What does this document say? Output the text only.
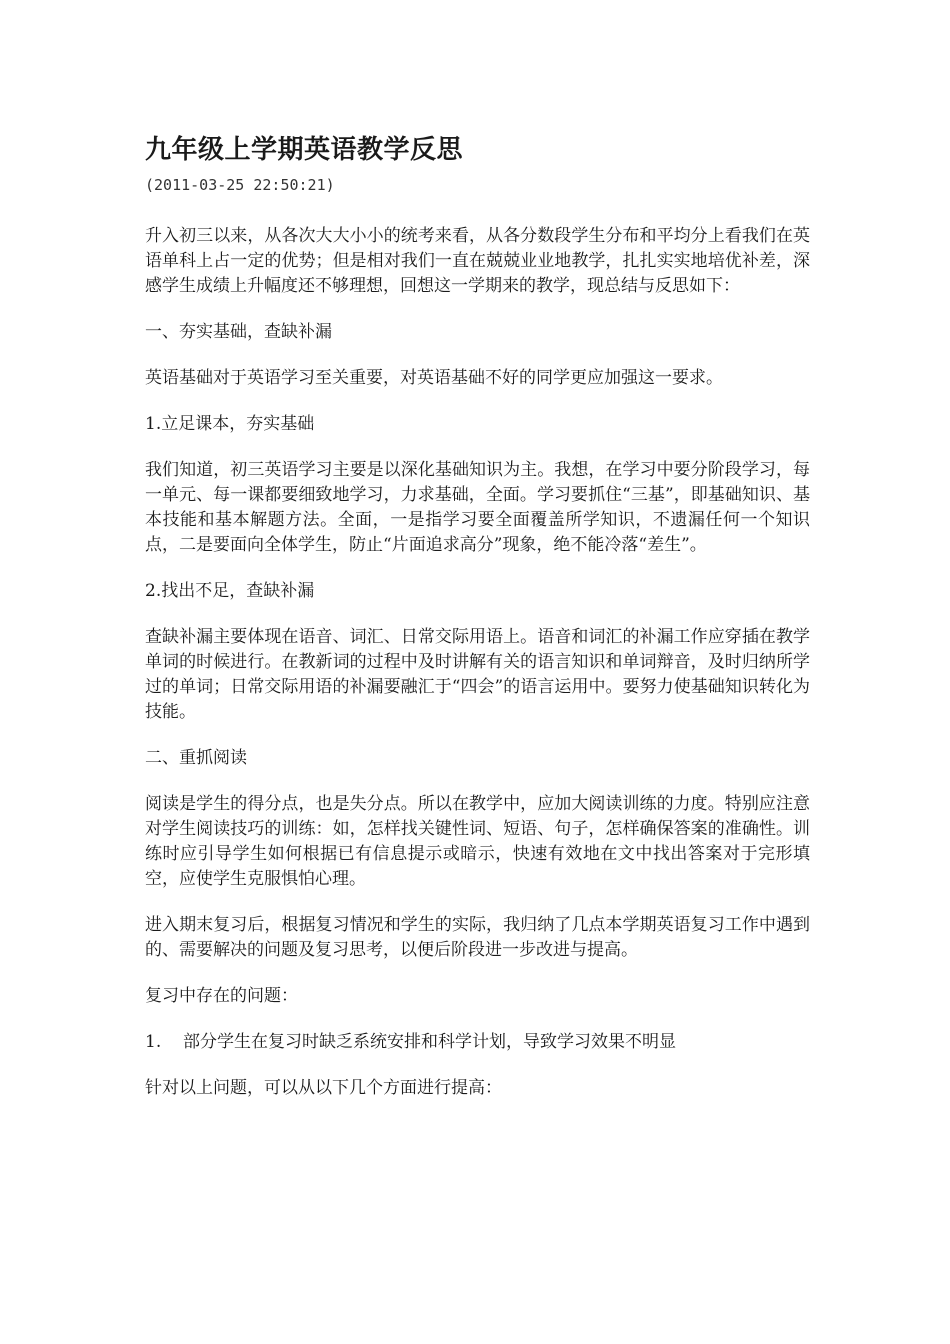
九年级上学期英语教学反思

(2011-03-25 22:50:21)

升入初三以来，从各次大大小小的统考来看，从各分数段学生分布和平均分上看我们在英语单科上占一定的优势；但是相对我们一直在兢兢业业地教学，扎扎实实地培优补差，深感学生成绩上升幅度还不够理想，回想这一学期来的教学，现总结与反思如下：

一、夯实基础，查缺补漏

英语基础对于英语学习至关重要，对英语基础不好的同学更应加强这一要求。

1.立足课本，夯实基础

我们知道，初三英语学习主要是以深化基础知识为主。我想，在学习中要分阶段学习，每一单元、每一课都要细致地学习，力求基础，全面。学习要抓住“三基”，即基础知识、基本技能和基本解题方法。全面，一是指学习要全面覆盖所学知识，不遗漏任何一个知识点，二是要面向全体学生，防止“片面追求高分”现象，绝不能冷落“差生”。

2.找出不足，查缺补漏

查缺补漏主要体现在语音、词汇、日常交际用语上。语音和词汇的补漏工作应穿插在教学单词的时候进行。在教新词的过程中及时讲解有关的语言知识和单词辩音，及时归纳所学过的单词；日常交际用语的补漏要融汇于“四会”的语言运用中。要努力使基础知识转化为技能。

二、重抓阅读

阅读是学生的得分点，也是失分点。所以在教学中，应加大阅读训练的力度。特别应注意对学生阅读技巧的训练：如，怎样找关键性词、短语、句子，怎样确保答案的准确性。训练时应引导学生如何根据已有信息提示或暗示，快速有效地在文中找出答案对于完形填空，应使学生克服惧怕心理。

进入期末复习后，根据复习情况和学生的实际，我归纳了几点本学期英语复习工作中遇到的、需要解决的问题及复习思考，以便后阶段进一步改进与提高。

复习中存在的问题：

1.	部分学生在复习时缺乏系统安排和科学计划，导致学习效果不明显

针对以上问题，可以从以下几个方面进行提高：
